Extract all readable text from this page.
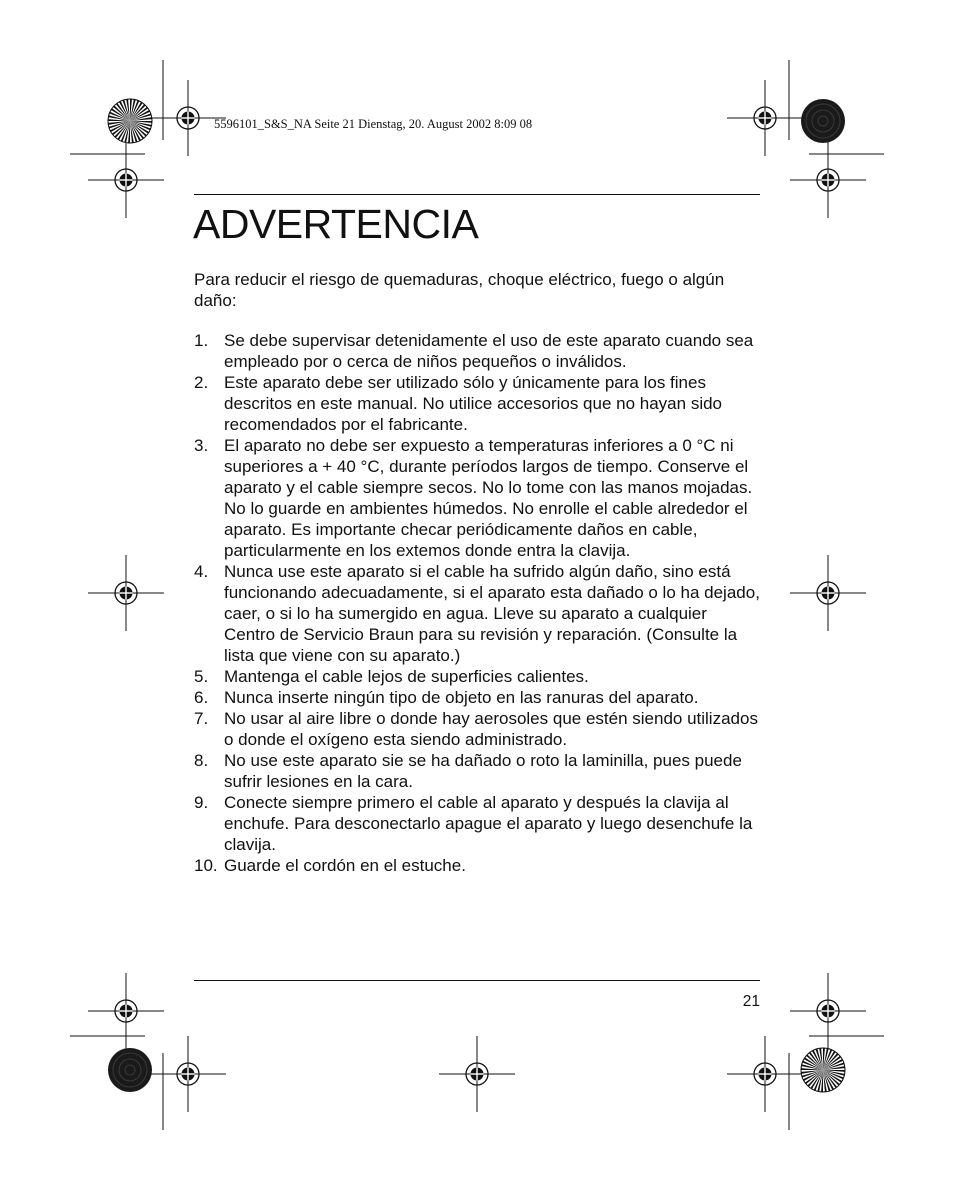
5596101_S&S_NA Seite 21 Dienstag, 20. August 2002 8:09 08
ADVERTENCIA

Para reducir el riesgo de quemaduras, choque eléctrico, fuego o algún daño:

1. Se debe supervisar detenidamente el uso de este aparato cuando sea empleado por o cerca de niños pequeños o inválidos.
2. Este aparato debe ser utilizado sólo y únicamente para los fines descritos en este manual. No utilice accesorios que no hayan sido recomendados por el fabricante.
3. El aparato no debe ser expuesto a temperaturas inferiores a 0 °C ni superiores a + 40 °C, durante períodos largos de tiempo. Conserve el aparato y el cable siempre secos. No lo tome con las manos mojadas. No lo guarde en ambientes húmedos. No enrolle el cable alrededor el aparato. Es importante checar periódicamente daños en cable, particularmente en los extemos donde entra la clavija.
4. Nunca use este aparato si el cable ha sufrido algún daño, sino está funcionando adecuadamente, si el aparato esta dañado o lo ha dejado, caer, o si lo ha sumergido en agua. Lleve su aparato a cualquier Centro de Servicio Braun para su revisión y reparación. (Consulte la lista que viene con su aparato.)
5. Mantenga el cable lejos de superficies calientes.
6. Nunca inserte ningún tipo de objeto en las ranuras del aparato.
7. No usar al aire libre o donde hay aerosoles que estén siendo utilizados o donde el oxígeno esta siendo administrado.
8. No use este aparato sie se ha dañado o roto la laminilla, pues puede sufrir lesiones en la cara.
9. Conecte siempre primero el cable al aparato y después la clavija al enchufe. Para desconectarlo apague el aparato y luego desenchufe la clavija.
10. Guarde el cordón en el estuche.
21
